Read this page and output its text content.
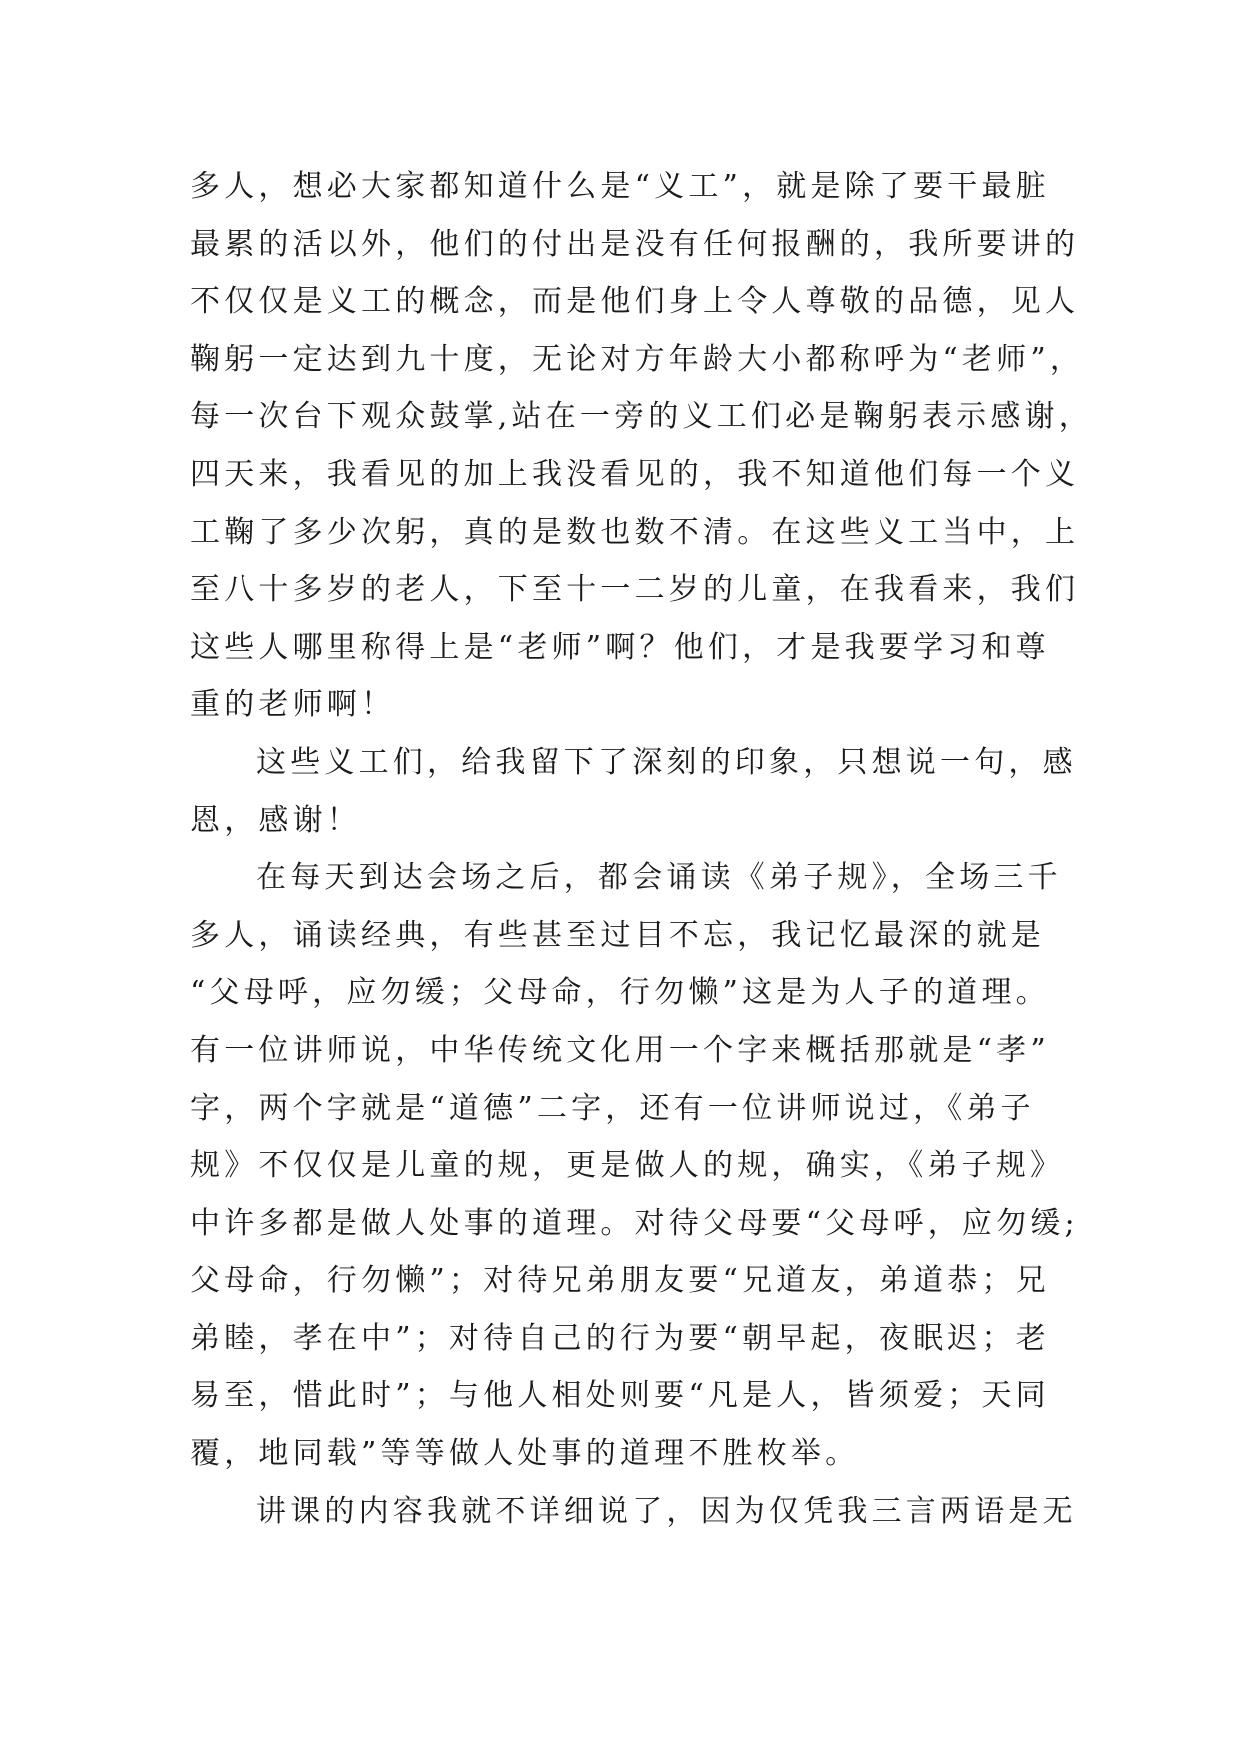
多人，想必大家都知道什么是“义工”，就是除了要干最脏
最累的活以外，他们的付出是没有任何报酬的，我所要讲的
不仅仅是义工的概念，而是他们身上令人尊敬的品德，见人
鞠躬一定达到九十度，无论对方年龄大小都称呼为“老师”，
每一次台下观众鼓掌,站在一旁的义工们必是鞠躬表示感谢，
四天来，我看见的加上我没看见的，我不知道他们每一个义
工鞠了多少次躬，真的是数也数不清。在这些义工当中，上
至八十多岁的老人，下至十一二岁的儿童，在我看来，我们
这些人哪里称得上是“老师”啊？他们，才是我要学习和尊
重的老师啊！
这些义工们，给我留下了深刻的印象，只想说一句，感
恩，感谢！
在每天到达会场之后，都会诵读《弟子规》，全场三千
多人，诵读经典，有些甚至过目不忘，我记忆最深的就是
“父母呼，应勿缓；父母命，行勿懒”这是为人子的道理。
有一位讲师说，中华传统文化用一个字来概括那就是“孝”
字，两个字就是“道德”二字，还有一位讲师说过，《弟子
规》不仅仅是儿童的规，更是做人的规，确实，《弟子规》
中许多都是做人处事的道理。对待父母要“父母呼，应勿缓;
父母命，行勿懒”；对待兄弟朋友要“兄道友，弟道恭；兄
弟睦，孝在中”；对待自己的行为要“朝早起，夜眠迟；老
易至，惜此时”；与他人相处则要“凡是人，皆须爱；天同
覆，地同载”等等做人处事的道理不胜枚举。
讲课的内容我就不详细说了，因为仅凭我三言两语是无
